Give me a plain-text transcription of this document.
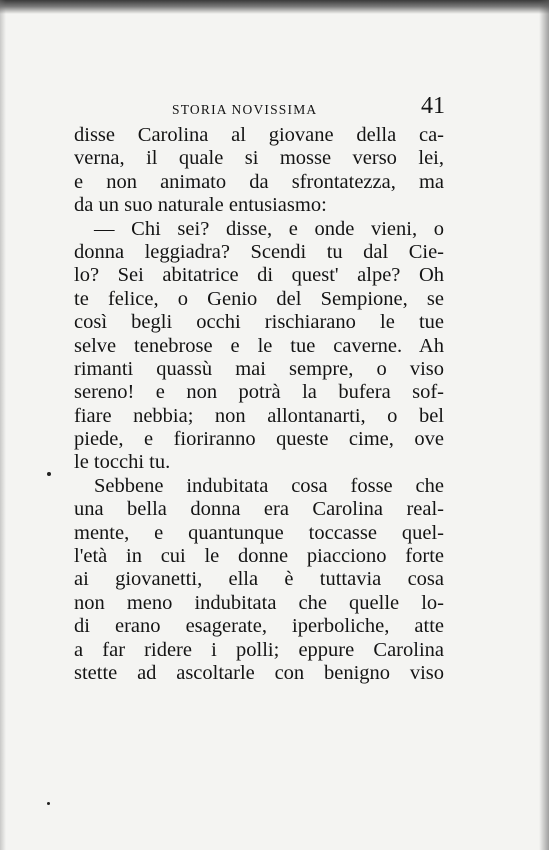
STORIA NOVISSIMA	41
disse Carolina al giovane della ca-
verna, il quale si mosse verso lei,
e non animato da sfrontatezza, ma
da un suo naturale entusiasmo:
— Chi sei? disse, e onde vieni, o
donna leggiadra? Scendi tu dal Cie-
lo? Sei abitatrice di quest' alpe? Oh
te felice, o Genio del Sempione, se
così begli occhi rischiarano le tue
selve tenebrose e le tue caverne. Ah
rimanti quassù mai sempre, o viso
sereno! e non potrà la bufera sof-
fiare nebbia; non allontanarti, o bel
piede, e fioriranno queste cime, ove
le tocchi tu.
Sebbene indubitata cosa fosse che
una bella donna era Carolina real-
mente, e quantunque toccasse quel-
l'età in cui le donne piacciono forte
ai giovanetti, ella è tuttavia cosa
non meno indubitata che quelle lo-
di erano esagerate, iperboliche, atte
a far ridere i polli; eppure Carolina
stette ad ascoltarle con benigno viso
